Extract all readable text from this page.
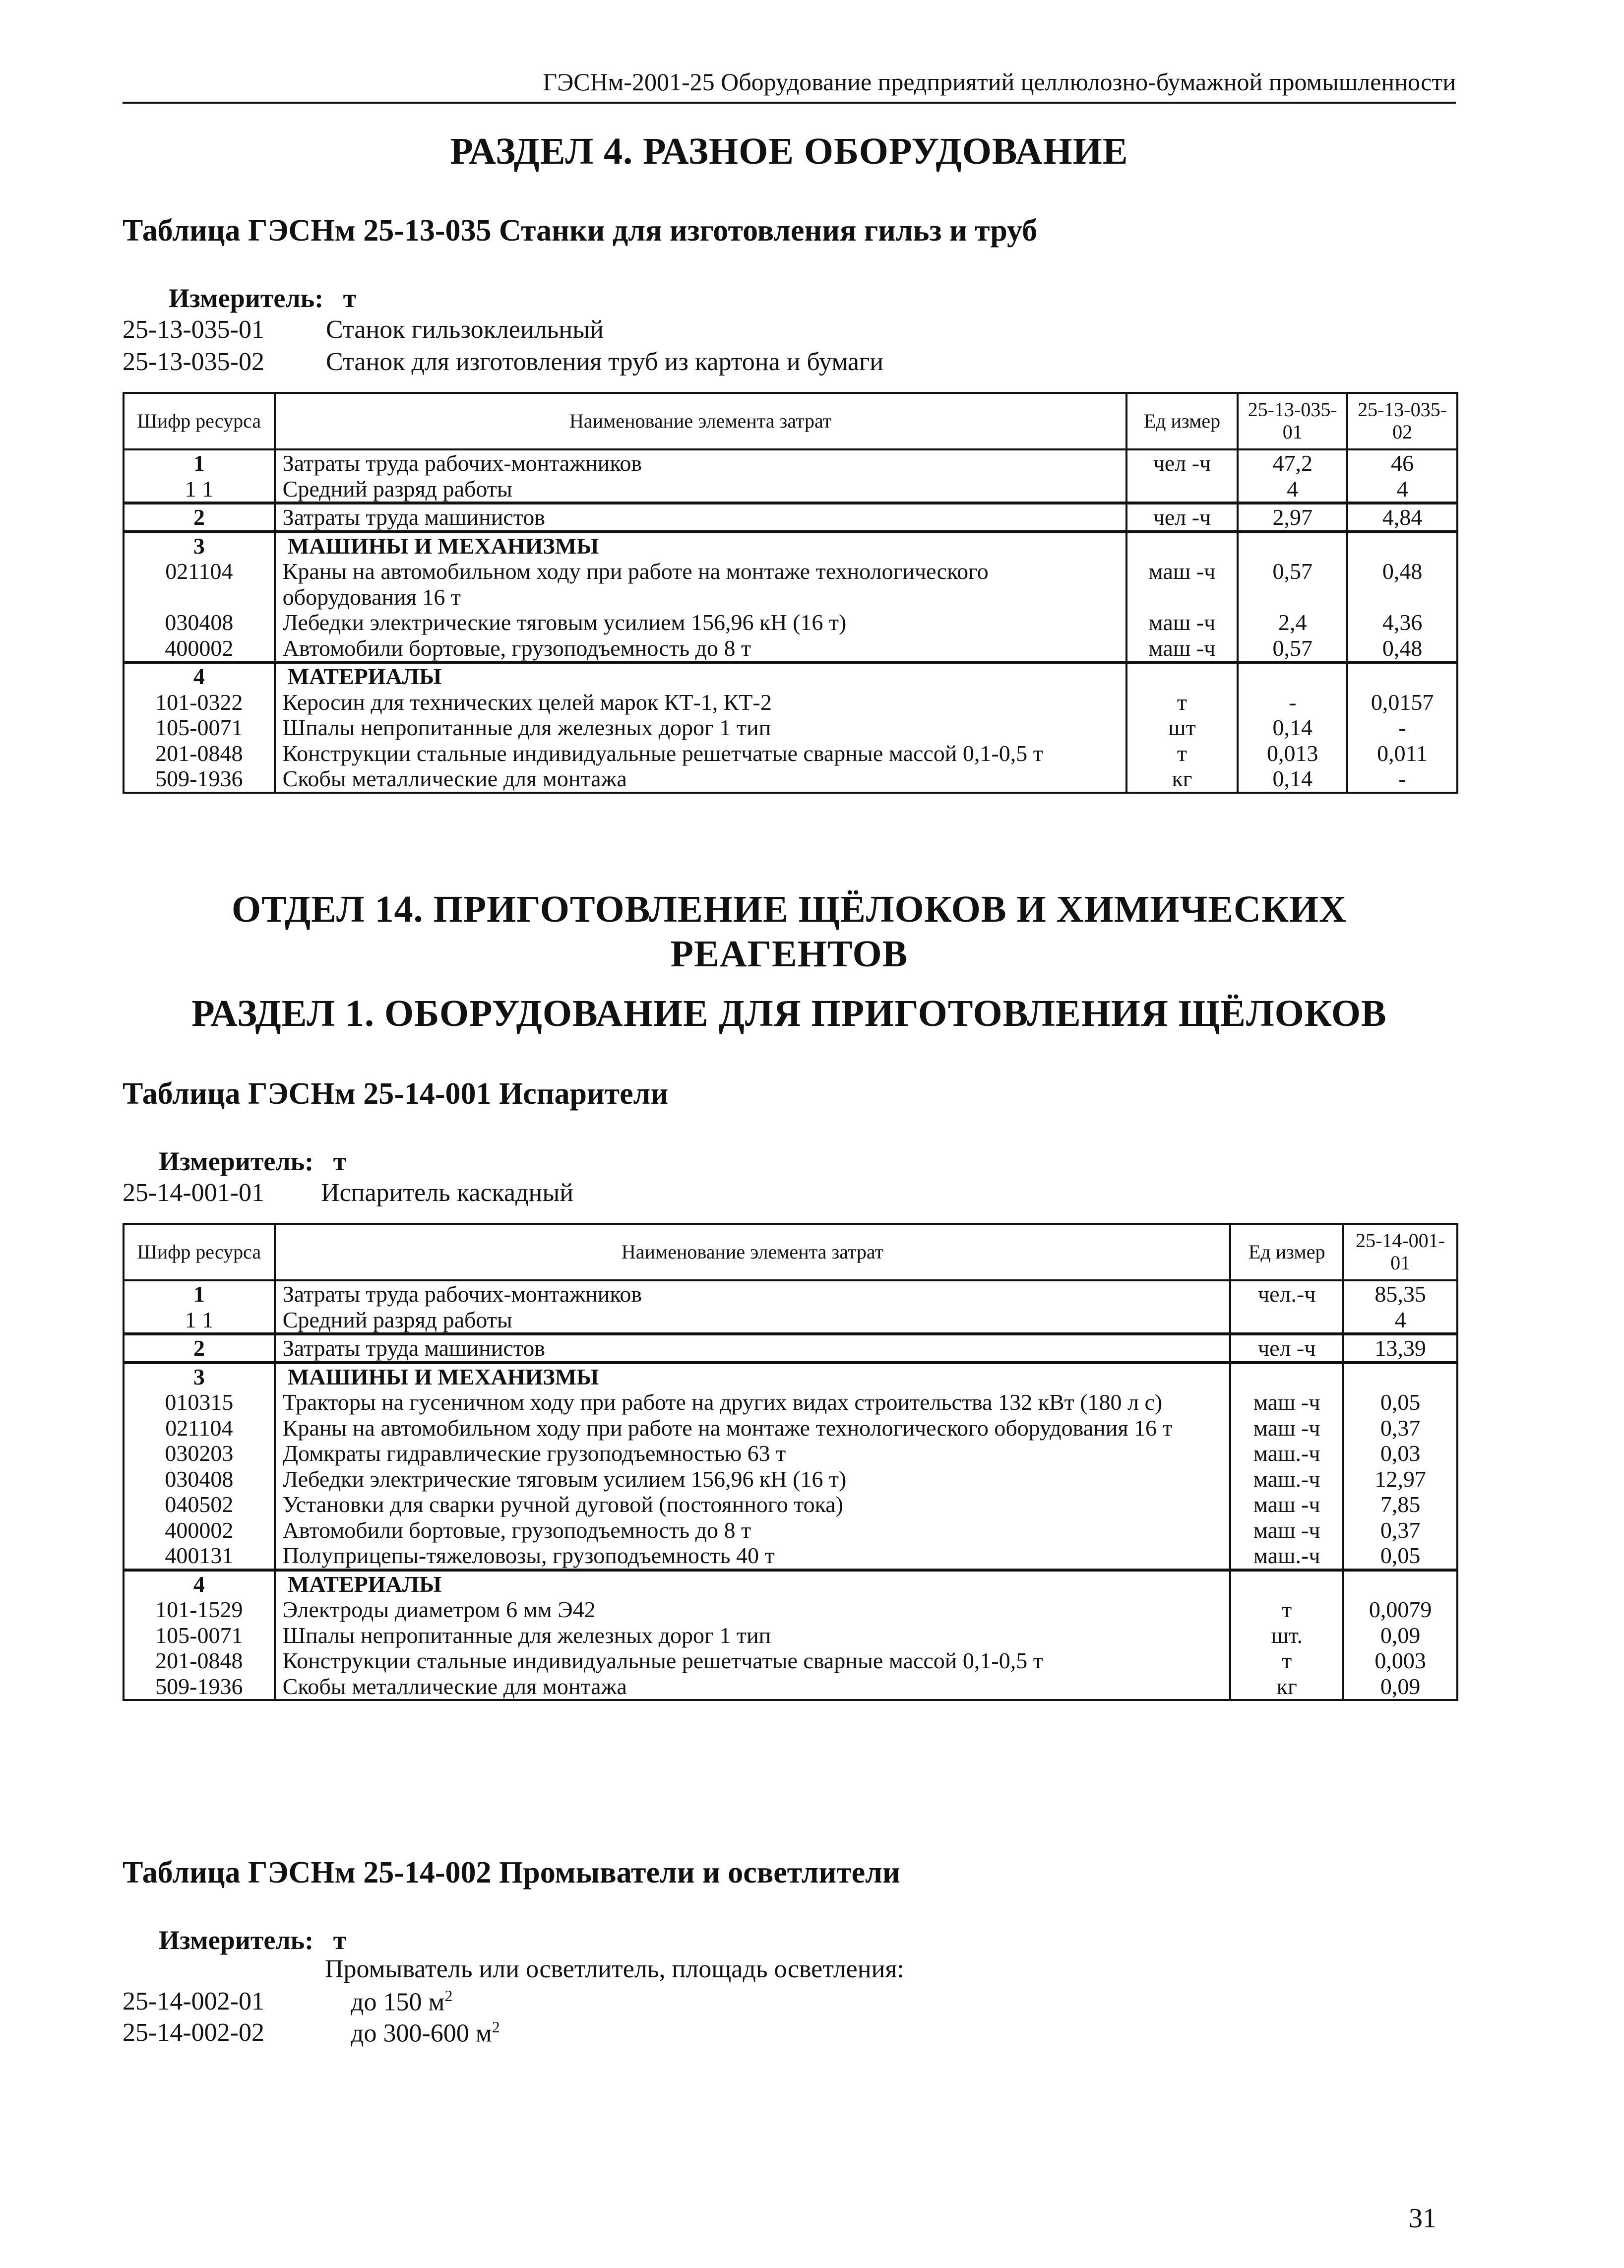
ГЭСНм-2001-25 Оборудование предприятий целлюлозно-бумажной промышленности
РАЗДЕЛ 4. РАЗНОЕ ОБОРУДОВАНИЕ
Таблица ГЭСНм 25-13-035 Станки для изготовления гильз и труб
Измеритель: т
25-13-035-01	Станок гильзоклеильный
25-13-035-02	Станок для изготовления труб из картона и бумаги
Шифр ресурса	Наименование элемента затрат	Ед измер	25-13-035-01	25-13-035-02
1	Затраты труда рабочих-монтажников	чел -ч	47,2	46
1 1	Средний разряд работы		4	4
2	Затраты труда машинистов	чел -ч	2,97	4,84
3	МАШИНЫ И МЕХАНИЗМЫ			
021104	Краны на автомобильном ходу при работе на монтаже технологического оборудования 16 т	маш -ч	0,57	0,48
030408	Лебедки электрические тяговым усилием 156,96 кН (16 т)	маш -ч	2,4	4,36
400002	Автомобили бортовые, грузоподъемность до 8 т	маш -ч	0,57	0,48
4	МАТЕРИАЛЫ			
101-0322	Керосин для технических целей марок КТ-1, КТ-2	т	-	0,0157
105-0071	Шпалы непропитанные для железных дорог 1 тип	шт	0,14	-
201-0848	Конструкции стальные индивидуальные решетчатые сварные массой 0,1-0,5 т	т	0,013	0,011
509-1936	Скобы металлические для монтажа	кг	0,14	-
ОТДЕЛ 14. ПРИГОТОВЛЕНИЕ ЩЁЛОКОВ И ХИМИЧЕСКИХ
РЕАГЕНТОВ
РАЗДЕЛ 1. ОБОРУДОВАНИЕ ДЛЯ ПРИГОТОВЛЕНИЯ ЩЁЛОКОВ
Таблица ГЭСНм 25-14-001 Испарители
Измеритель: т
25-14-001-01	Испаритель каскадный
Шифр ресурса	Наименование элемента затрат	Ед измер	25-14-001-01
1	Затраты труда рабочих-монтажников	чел.-ч	85,35
1 1	Средний разряд работы		4
2	Затраты труда машинистов	чел -ч	13,39
3	МАШИНЫ И МЕХАНИЗМЫ		
010315	Тракторы на гусеничном ходу при работе на других видах строительства 132 кВт (180 л с)	маш -ч	0,05
021104	Краны на автомобильном ходу при работе на монтаже технологического оборудования 16 т	маш -ч	0,37
030203	Домкраты гидравлические грузоподъемностью 63 т	маш.-ч	0,03
030408	Лебедки электрические тяговым усилием 156,96 кН (16 т)	маш.-ч	12,97
040502	Установки для сварки ручной дуговой (постоянного тока)	маш -ч	7,85
400002	Автомобили бортовые, грузоподъемность до 8 т	маш -ч	0,37
400131	Полуприцепы-тяжеловозы, грузоподъемность 40 т	маш.-ч	0,05
4	МАТЕРИАЛЫ		
101-1529	Электроды диаметром 6 мм Э42	т	0,0079
105-0071	Шпалы непропитанные для железных дорог 1 тип	шт.	0,09
201-0848	Конструкции стальные индивидуальные решетчатые сварные массой 0,1-0,5 т	т	0,003
509-1936	Скобы металлические для монтажа	кг	0,09
Таблица ГЭСНм 25-14-002 Промыватели и осветлители
Измеритель: т
Промыватель или осветлитель, площадь осветления:
25-14-002-01	до 150 $м^2$
25-14-002-02	до 300-600 $м^2$
31
